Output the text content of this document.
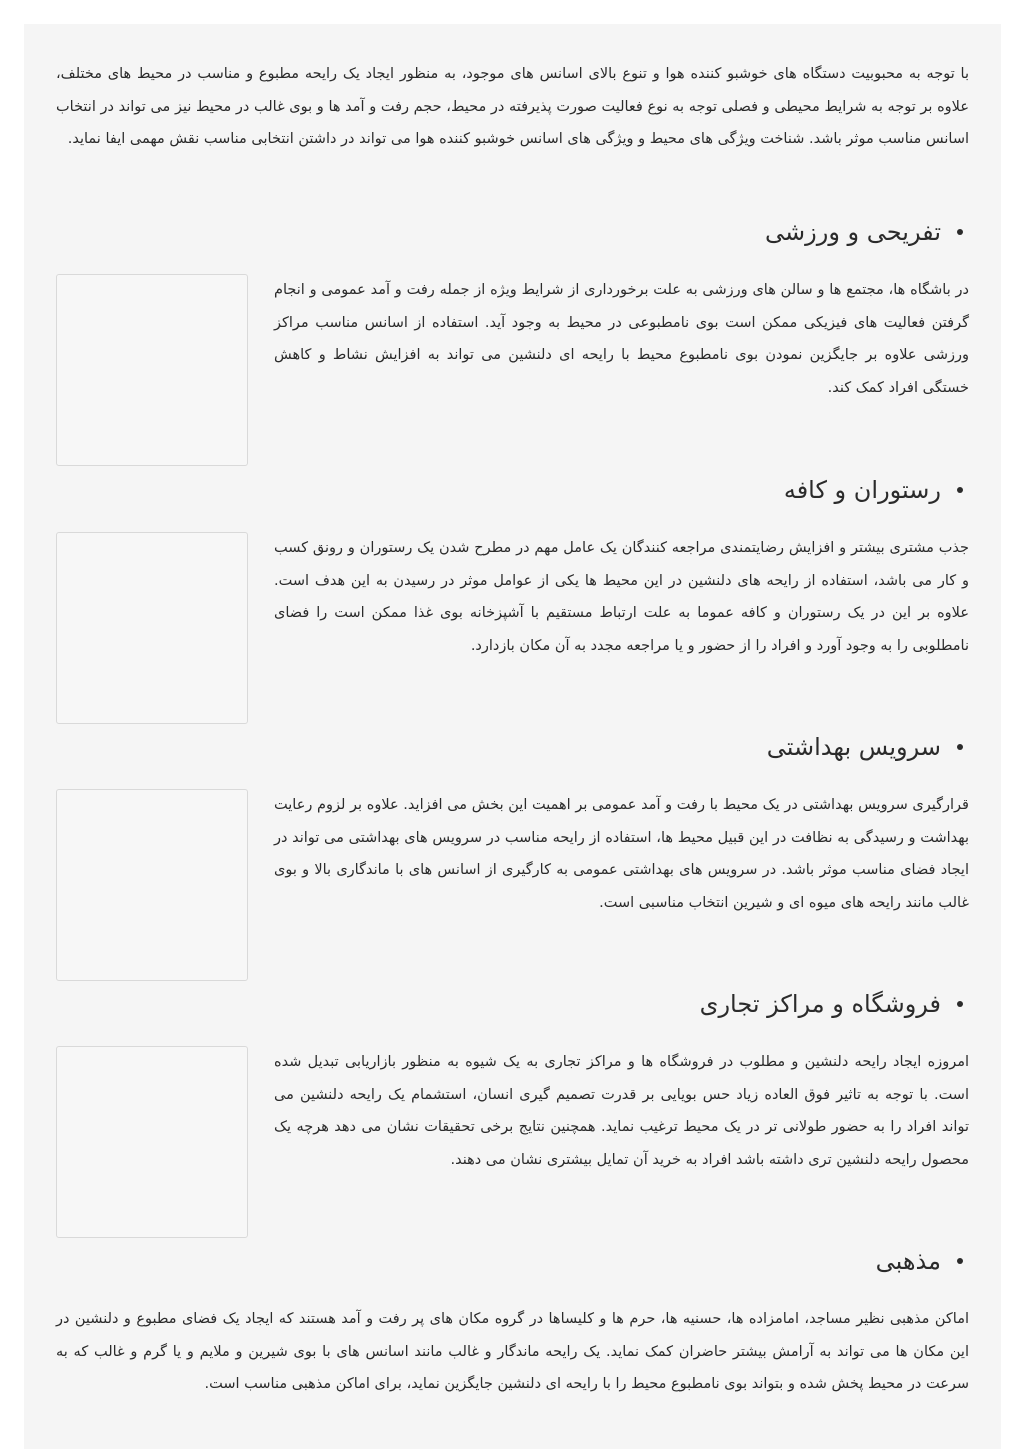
با توجه به محبوبیت دستگاه های خوشبو کننده هوا و تنوع بالای اسانس های موجود، به منظور ایجاد یک رایحه مطبوع و مناسب در محیط های مختلف، علاوه بر توجه به شرایط محیطی و فصلی توجه به نوع فعالیت صورت پذیرفته در محیط، حجم رفت و آمد ها و بوی غالب در محیط نیز می تواند در انتخاب اسانس مناسب موثر باشد. شناخت ویژگی های محیط و ویژگی های اسانس خوشبو کننده هوا می تواند در داشتن انتخابی مناسب نقش مهمی ایفا نماید.

تفریحی و ورزشی

در باشگاه ها، مجتمع ها و سالن های ورزشی به علت برخورداری از شرایط ویژه از جمله رفت و آمد عمومی و انجام گرفتن فعالیت های فیزیکی ممکن است بوی نامطبوعی در محیط به وجود آید. استفاده از اسانس مناسب مراکز ورزشی علاوه بر جایگزین نمودن بوی نامطبوع محیط با رایحه ای دلنشین می تواند به افزایش نشاط و کاهش خستگی افراد کمک کند.

رستوران و کافه

جذب مشتری بیشتر و افزایش رضایتمندی مراجعه کنندگان یک عامل مهم در مطرح شدن یک رستوران و رونق کسب و کار می باشد، استفاده از رایحه های دلنشین در این محیط ها یکی از عوامل موثر در رسیدن به این هدف است. علاوه بر این در یک رستوران و کافه عموما به علت ارتباط مستقیم با آشپزخانه بوی غذا ممکن است را فضای نامطلوبی را به وجود آورد و افراد را از حضور و یا مراجعه مجدد به آن مکان بازدارد.

سرویس بهداشتی

قرارگیری سرویس بهداشتی در یک محیط با رفت و آمد عمومی بر اهمیت این بخش می افزاید. علاوه بر لزوم رعایت بهداشت و رسیدگی به نظافت در این قبیل محیط ها، استفاده از رایحه مناسب در سرویس های بهداشتی می تواند در ایجاد فضای مناسب موثر باشد. در سرویس های بهداشتی عمومی به کارگیری از اسانس های با ماندگاری بالا و بوی غالب مانند رایحه های میوه ای و شیرین انتخاب مناسبی است.

فروشگاه و مراکز تجاری

امروزه ایجاد رایحه دلنشین و مطلوب در فروشگاه ها و مراکز تجاری به یک شیوه به منظور بازاریابی تبدیل شده است. با توجه به تاثیر فوق العاده زیاد حس بویایی بر قدرت تصمیم گیری انسان، استشمام یک رایحه دلنشین می تواند افراد را به حضور طولانی تر در یک محیط ترغیب نماید. همچنین نتایج برخی تحقیقات نشان می دهد هرچه یک محصول رایحه دلنشین تری داشته باشد افراد به خرید آن تمایل بیشتری نشان می دهند.

مذهبی

اماکن مذهبی نظیر مساجد، امامزاده ها، حسنیه ها، حرم ها و کلیساها در گروه مکان های پر رفت و آمد هستند که ایجاد یک فضای مطبوع و دلنشین در این مکان ها می تواند به آرامش بیشتر حاضران کمک نماید. یک رایحه ماندگار و غالب مانند اسانس های با بوی شیرین و ملایم و یا گرم و غالب که به سرعت در محیط پخش شده و بتواند بوی نامطبوع محیط را با رایحه ای دلنشین جایگزین نماید، برای اماکن مذهبی مناسب است.
